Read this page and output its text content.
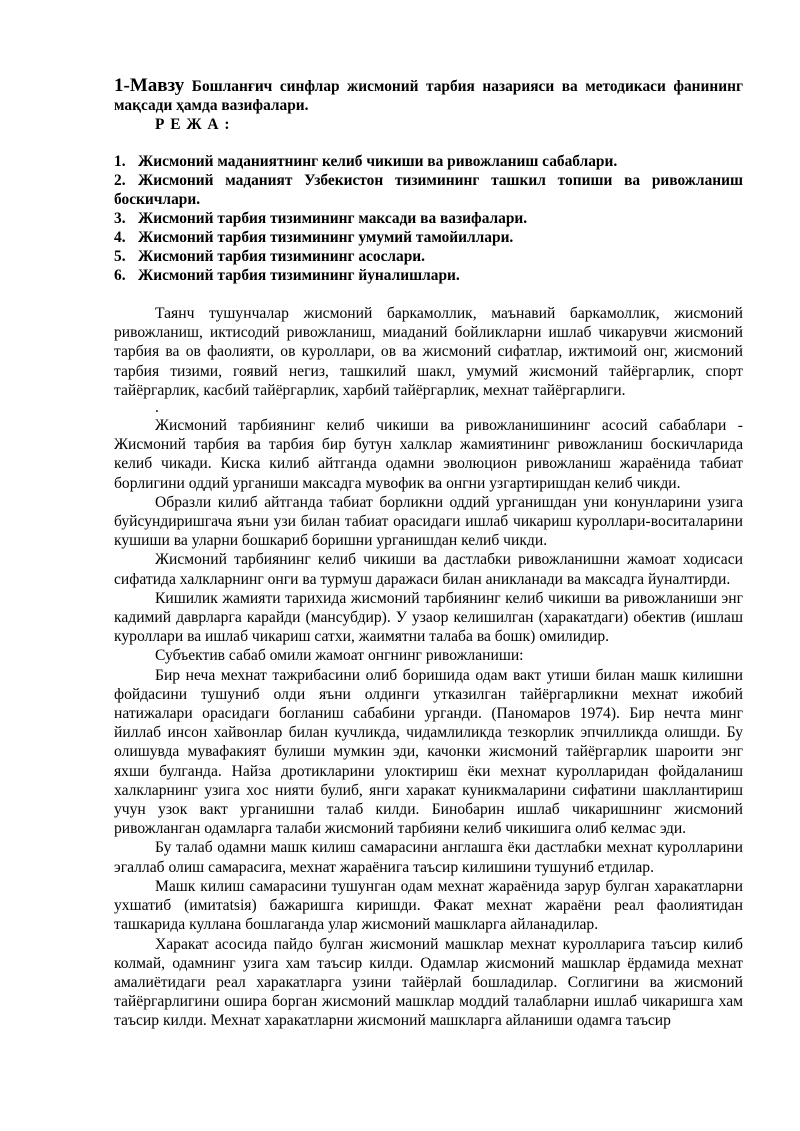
1-Мавзу Бошланғич синфлар жисмоний тарбия назарияси ва методикаси фанининг мақсади ҳамда вазифалари.

Р Е Ж А :

1. Жисмоний маданиятнинг келиб чикиши ва ривожланиш сабаблари.
2. Жисмоний маданият Узбекистон тизимининг ташкил топиши ва ривожланиш боскичлари.
3. Жисмоний тарбия тизимининг максади ва вазифалари.
4. Жисмоний тарбия тизимининг умумий тамойиллари.
5. Жисмоний тарбия тизимининг асослари.
6. Жисмоний тарбия тизимининг йуналишлари.

Таянч тушунчалар жисмоний баркамоллик, маънавий баркамоллик, жисмоний ривожланиш, иктисодий ривожланиш, миаданий бойликларни ишлаб чикарувчи жисмоний тарбия ва ов фаолияти, ов куроллари, ов ва жисмоний сифатлар, ижтимоий онг, жисмоний тарбия тизими, гоявий негиз, ташкилий шакл, умумий жисмоний тайёргарлик, спорт тайёргарлик, касбий тайёргарлик, харбий тайёргарлик, мехнат тайёргарлиги.

.

Жисмоний тарбиянинг келиб чикиши ва ривожланишининг асосий сабаблари - Жисмоний тарбия ва тарбия бир бутун халклар жамиятининг ривожланиш боскичларида келиб чикади. Киска килиб айтганда одамни эволюцион ривожланиш жараёнида табиат борлигини оддий урганиши максадга мувофик ва онгни узгартиришдан келиб чикди.

Образли килиб айтганда табиат борликни оддий урганишдан уни конунларини узига буйсундиришгача яъни узи билан табиат орасидаги ишлаб чикариш куроллари-воситаларини кушиши ва уларни бошкариб боришни урганишдан келиб чикди.

Жисмоний тарбиянинг келиб чикиши ва дастлабки ривожланишни жамоат ходисаси сифатида халкларнинг онги ва турмуш даражаси билан аникланади ва максадга йуналтирди.

Кишилик жамияти тарихида жисмоний тарбиянинг келиб чикиши ва ривожланиши энг кадимий даврларга карайди (мансубдир). У узаор келишилган (харакатдаги) обектив (ишлаш куроллари ва ишлаб чикариш сатхи, жаимятни талаба ва бошк) омилидир.

Субъектив сабаб омили жамоат онгнинг ривожланиши:

Бир неча мехнат тажрибасини олиб боришида одам вакт утиши билан машк килишни фойдасини тушуниб олди яъни олдинги утказилган тайёргарликни мехнат ижобий натижалари орасидаги богланиш сабабини урганди. (Паномаров 1974). Бир нечта минг йиллаб инсон хайвонлар билан кучликда, чидамлиликда тезкорлик эпчилликда олишди. Бу олишувда мувафакият булиши мумкин эди, качонки жисмоний тайёргарлик шароити энг яхши булганда. Найза дротикларини улоктириш ёки мехнат куролларидан фойдаланиш халкларнинг узига хос нияти булиб, янги харакат куникмаларини сифатини шакллантириш учун узок вакт урганишни талаб килди. Бинобарин ишлаб чикаришнинг жисмоний ривожланган одамларга талаби жисмоний тарбияни келиб чикишига олиб келмас эди.

Бу талаб одамни машк килиш самарасини англашга ёки дастлабки мехнат куролларини эгаллаб олиш самарасига, мехнат жараёнига таъсир килишини тушуниб етдилар.

Машк килиш самарасини тушунган одам мехнат жараёнида зарур булган харакатларни ухшатиб (имитatsiя) бажаришга киришди. Факат мехнат жараёни реал фаолиятидан ташкарида куллана бошлаганда улар жисмоний машкларга айланадилар.

Харакат асосида пайдо булган жисмоний машклар мехнат куролларига таъсир килиб колмай, одамнинг узига хам таъсир килди. Одамлар жисмоний машклар ёрдамида мехнат амалиётидаги реал харакатларга узини тайёрлай бошладилар. Соглигини ва жисмоний тайёргарлигини ошира борган жисмоний машклар моддий талабларни ишлаб чикаришга хам таъсир килди. Мехнат харакатларни жисмоний машкларга айланиши одамга таъсир
